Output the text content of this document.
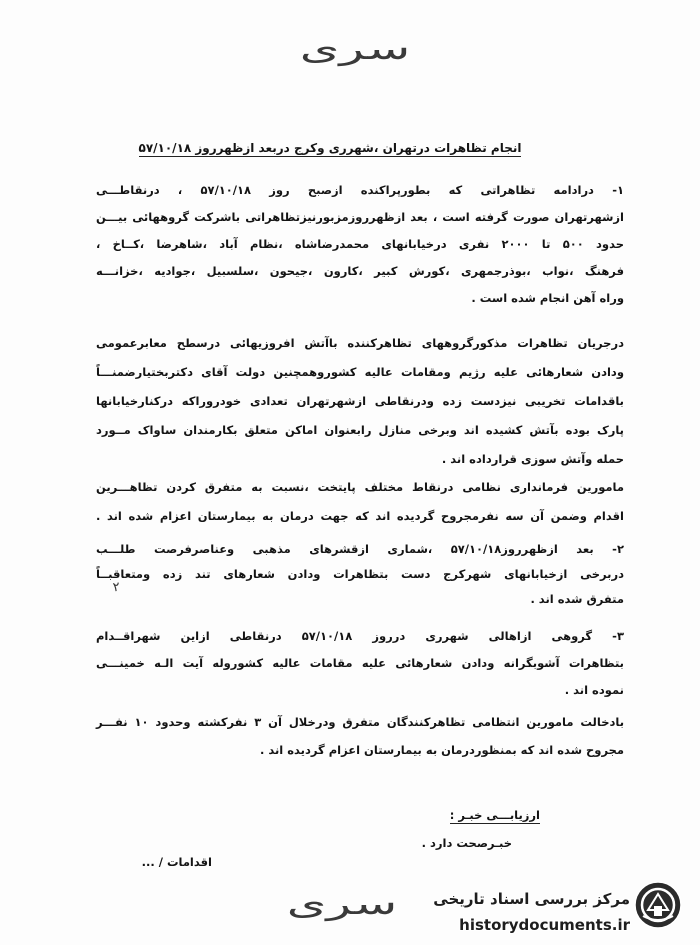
سری
انجام تظاهرات درتهران ،شهرری وکرج دربعد ازظهرروز ۵۷/۱۰/۱۸
۱- درادامه تظاهراتی که بطورپراکنده ازصبح روز ۵۷/۱۰/۱۸ ، درنقاطـــی
ازشهرتهران صورت گرفته است ، بعد ازظهرروزمزبورنیزتظاهراتی باشرکت گروههائی بیـــن
حدود ۵۰۰ تا ۲۰۰۰ نفری درخیابانهای محمدرضاشاه ،نظام آباد ،شاهرضا ،کــاخ ،
فرهنگ ،نواب ،بوذرجمهری ،کورش کبیر ،کارون ،جیحون ،سلسبیل ،جوادیه ،خزانـــه
وراه آهن انجام شده است .
درجریان تظاهرات مذکورگروههای تظاهرکننده باآتش افروزیهائی درسطح معابرعمومی
ودادن شعارهائی علیه رژیم ومقامات عالیه کشوروهمچنین دولت آقای دکتربختیارضمنـــاً
باقدامات تخریبی نیزدست زده ودرنقاطی ازشهرتهران تعدادی خودروراکه درکنارخیابانها
پارک بوده بآتش کشیده اند وبرخی منازل رابعنوان اماکن متعلق بکارمندان ساواک مــورد
حمله وآتش سوزی قرارداده اند .
مامورین فرمانداری نظامی درنقاط مختلف پایتخت ،نسبت به متفرق کردن تظاهـــرین
اقدام وضمن آن سه نفرمجروح گردیده اند که جهت درمان به بیمارستان اعزام شده اند .
۲- بعد ازظهرروز۵۷/۱۰/۱۸ ،شماری ازقشرهای مذهبی وعناصرفرصت طلـــب
دربرخی ازخیابانهای شهرکرج دست بتظاهرات ودادن شعارهای تند زده ومتعاقبــاً
متفرق شده اند .
۲
۳- گروهی ازاهالی شهرری درروز ۵۷/۱۰/۱۸ درنقاطی ازاین شهراقــدام
بتظاهرات آشوبگرانه ودادن شعارهائی علیه مقامات عالیه کشوروله آیت الـه خمینـــی
نموده اند .
بادخالت مامورین انتظامی تظاهرکنندگان متفرق ودرخلال آن ۳ نفرکشته وحدود ۱۰ نفـــر
مجروح شده اند که بمنظوردرمان به بیمارستان اعزام گردیده اند .
ارزیابـــی خبـر :
خبـرصحت دارد .
اقدامات / ...
سری	مرکز بررسی اسناد تاریخی
historydocuments.ir
